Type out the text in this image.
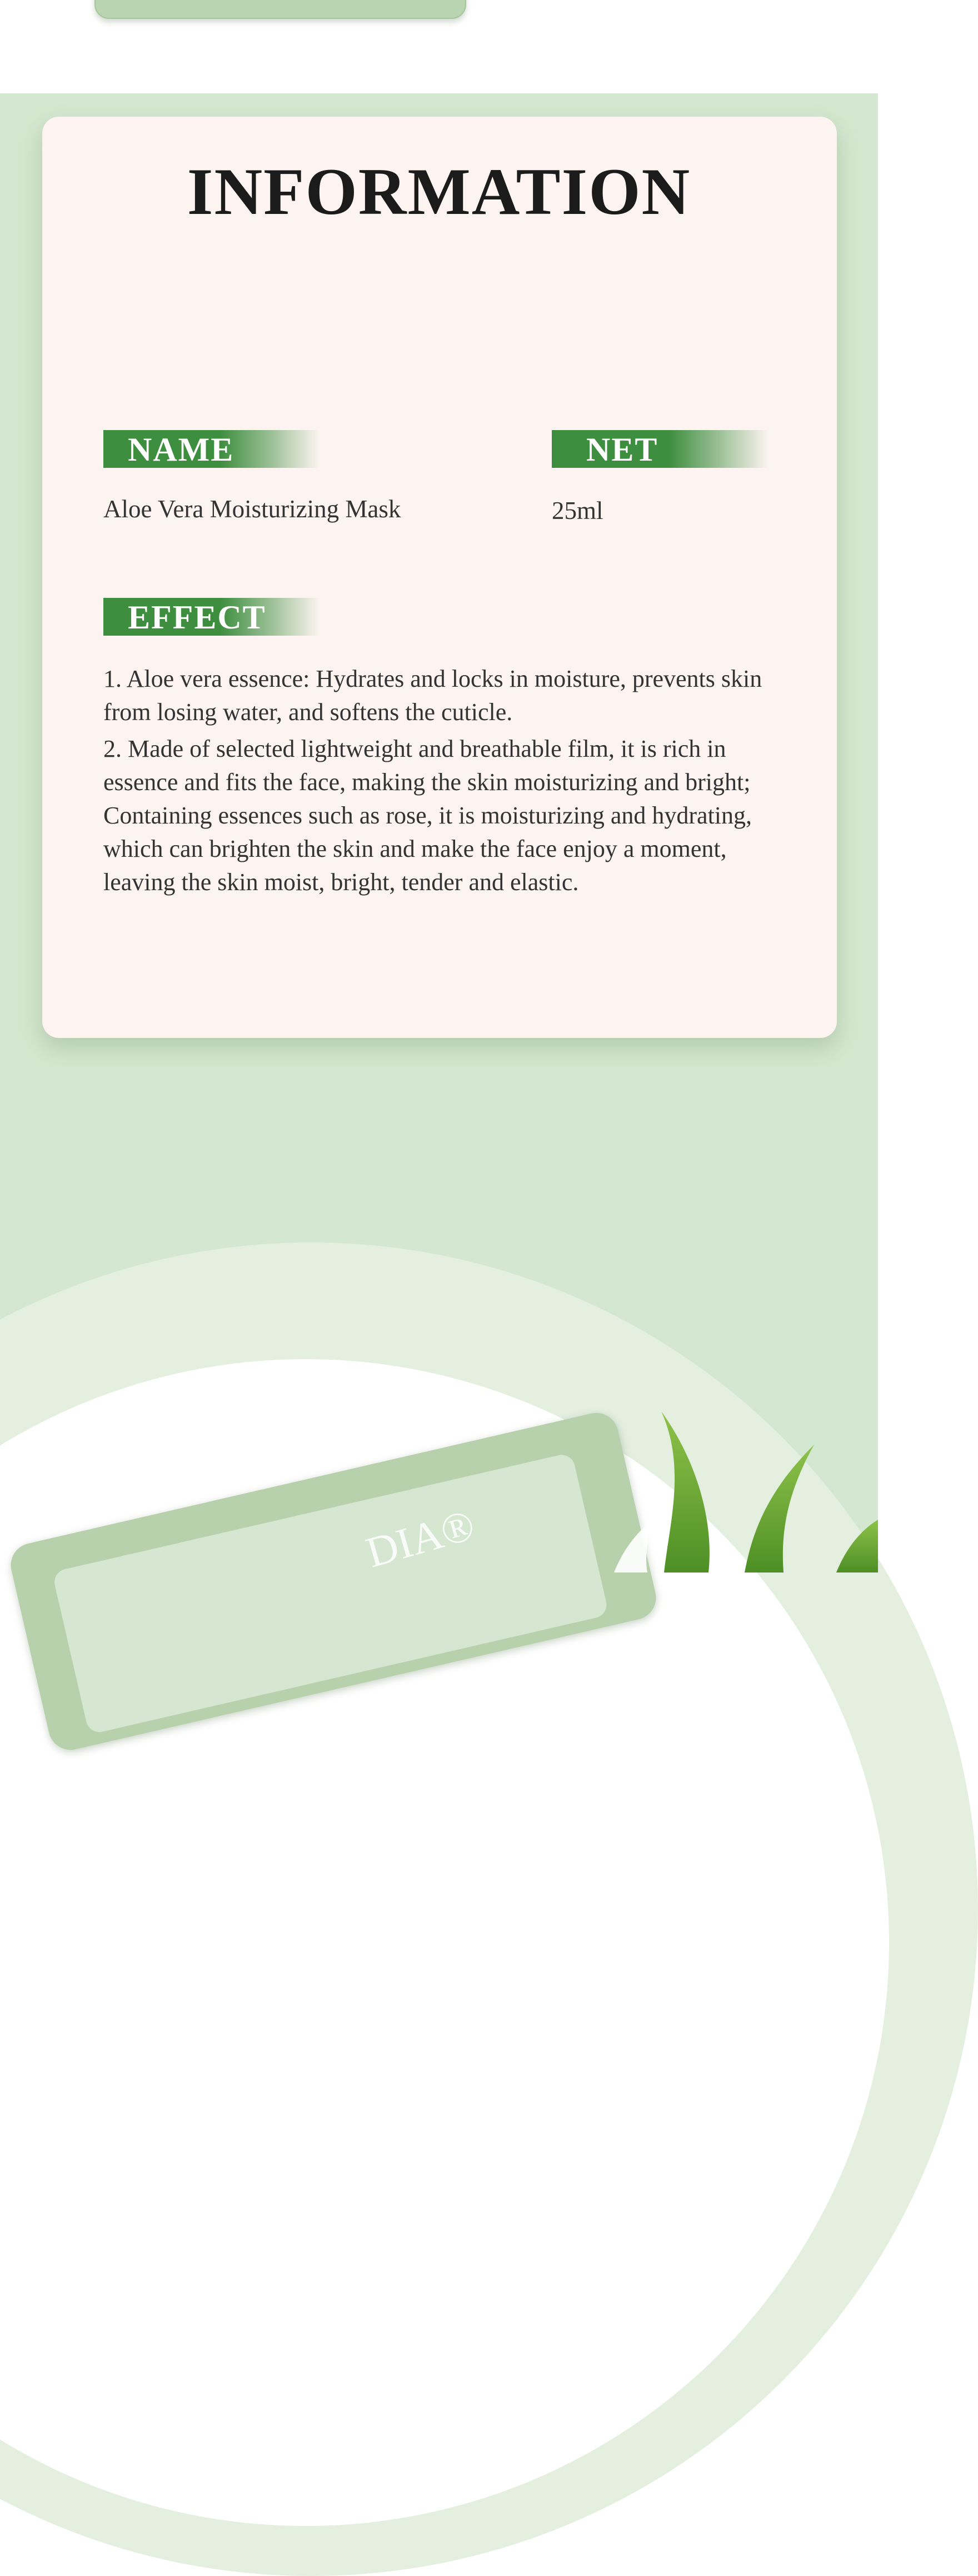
INFORMATION
NAME	NET

Aloe Vera Moisturizing Mask	25ml

EFFECT

1. Aloe vera essence: Hydrates and locks in moisture, prevents skin from losing water, and softens the cuticle.

2. Made of selected lightweight and breathable film, it is rich in essence and fits the face, making the skin moisturizing and bright; Containing essences such as rose, it is moisturizing and hydrating, which can brighten the skin and make the face enjoy a moment, leaving the skin moist, bright, tender and elastic.

DIA®
